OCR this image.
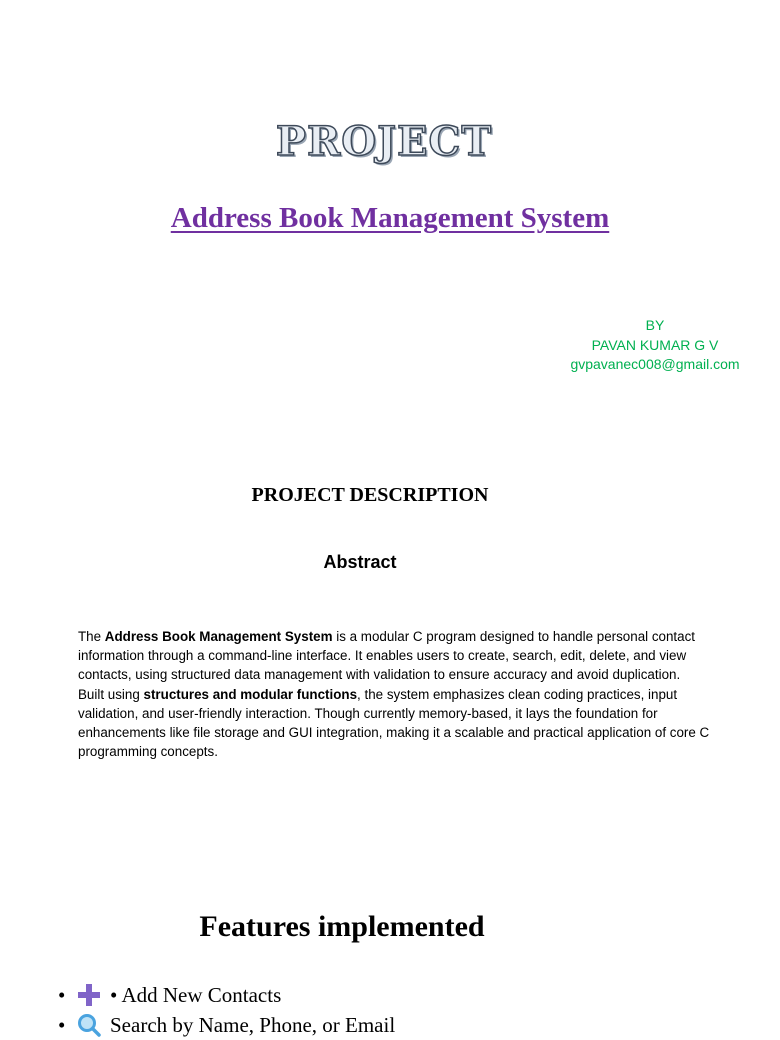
PROJECT
Address Book Management System
BY
PAVAN KUMAR G V
gvpavanec008@gmail.com
PROJECT DESCRIPTION
Abstract

The Address Book Management System is a modular C program designed to handle personal contact information through a command-line interface. It enables users to create, search, edit, delete, and view contacts, using structured data management with validation to ensure accuracy and avoid duplication.

Built using structures and modular functions, the system emphasizes clean coding practices, input validation, and user-friendly interaction. Though currently memory-based, it lays the foundation for enhancements like file storage and GUI integration, making it a scalable and practical application of core C programming concepts.

Features implemented
•	• Add New Contacts
•	Search by Name, Phone, or Email
